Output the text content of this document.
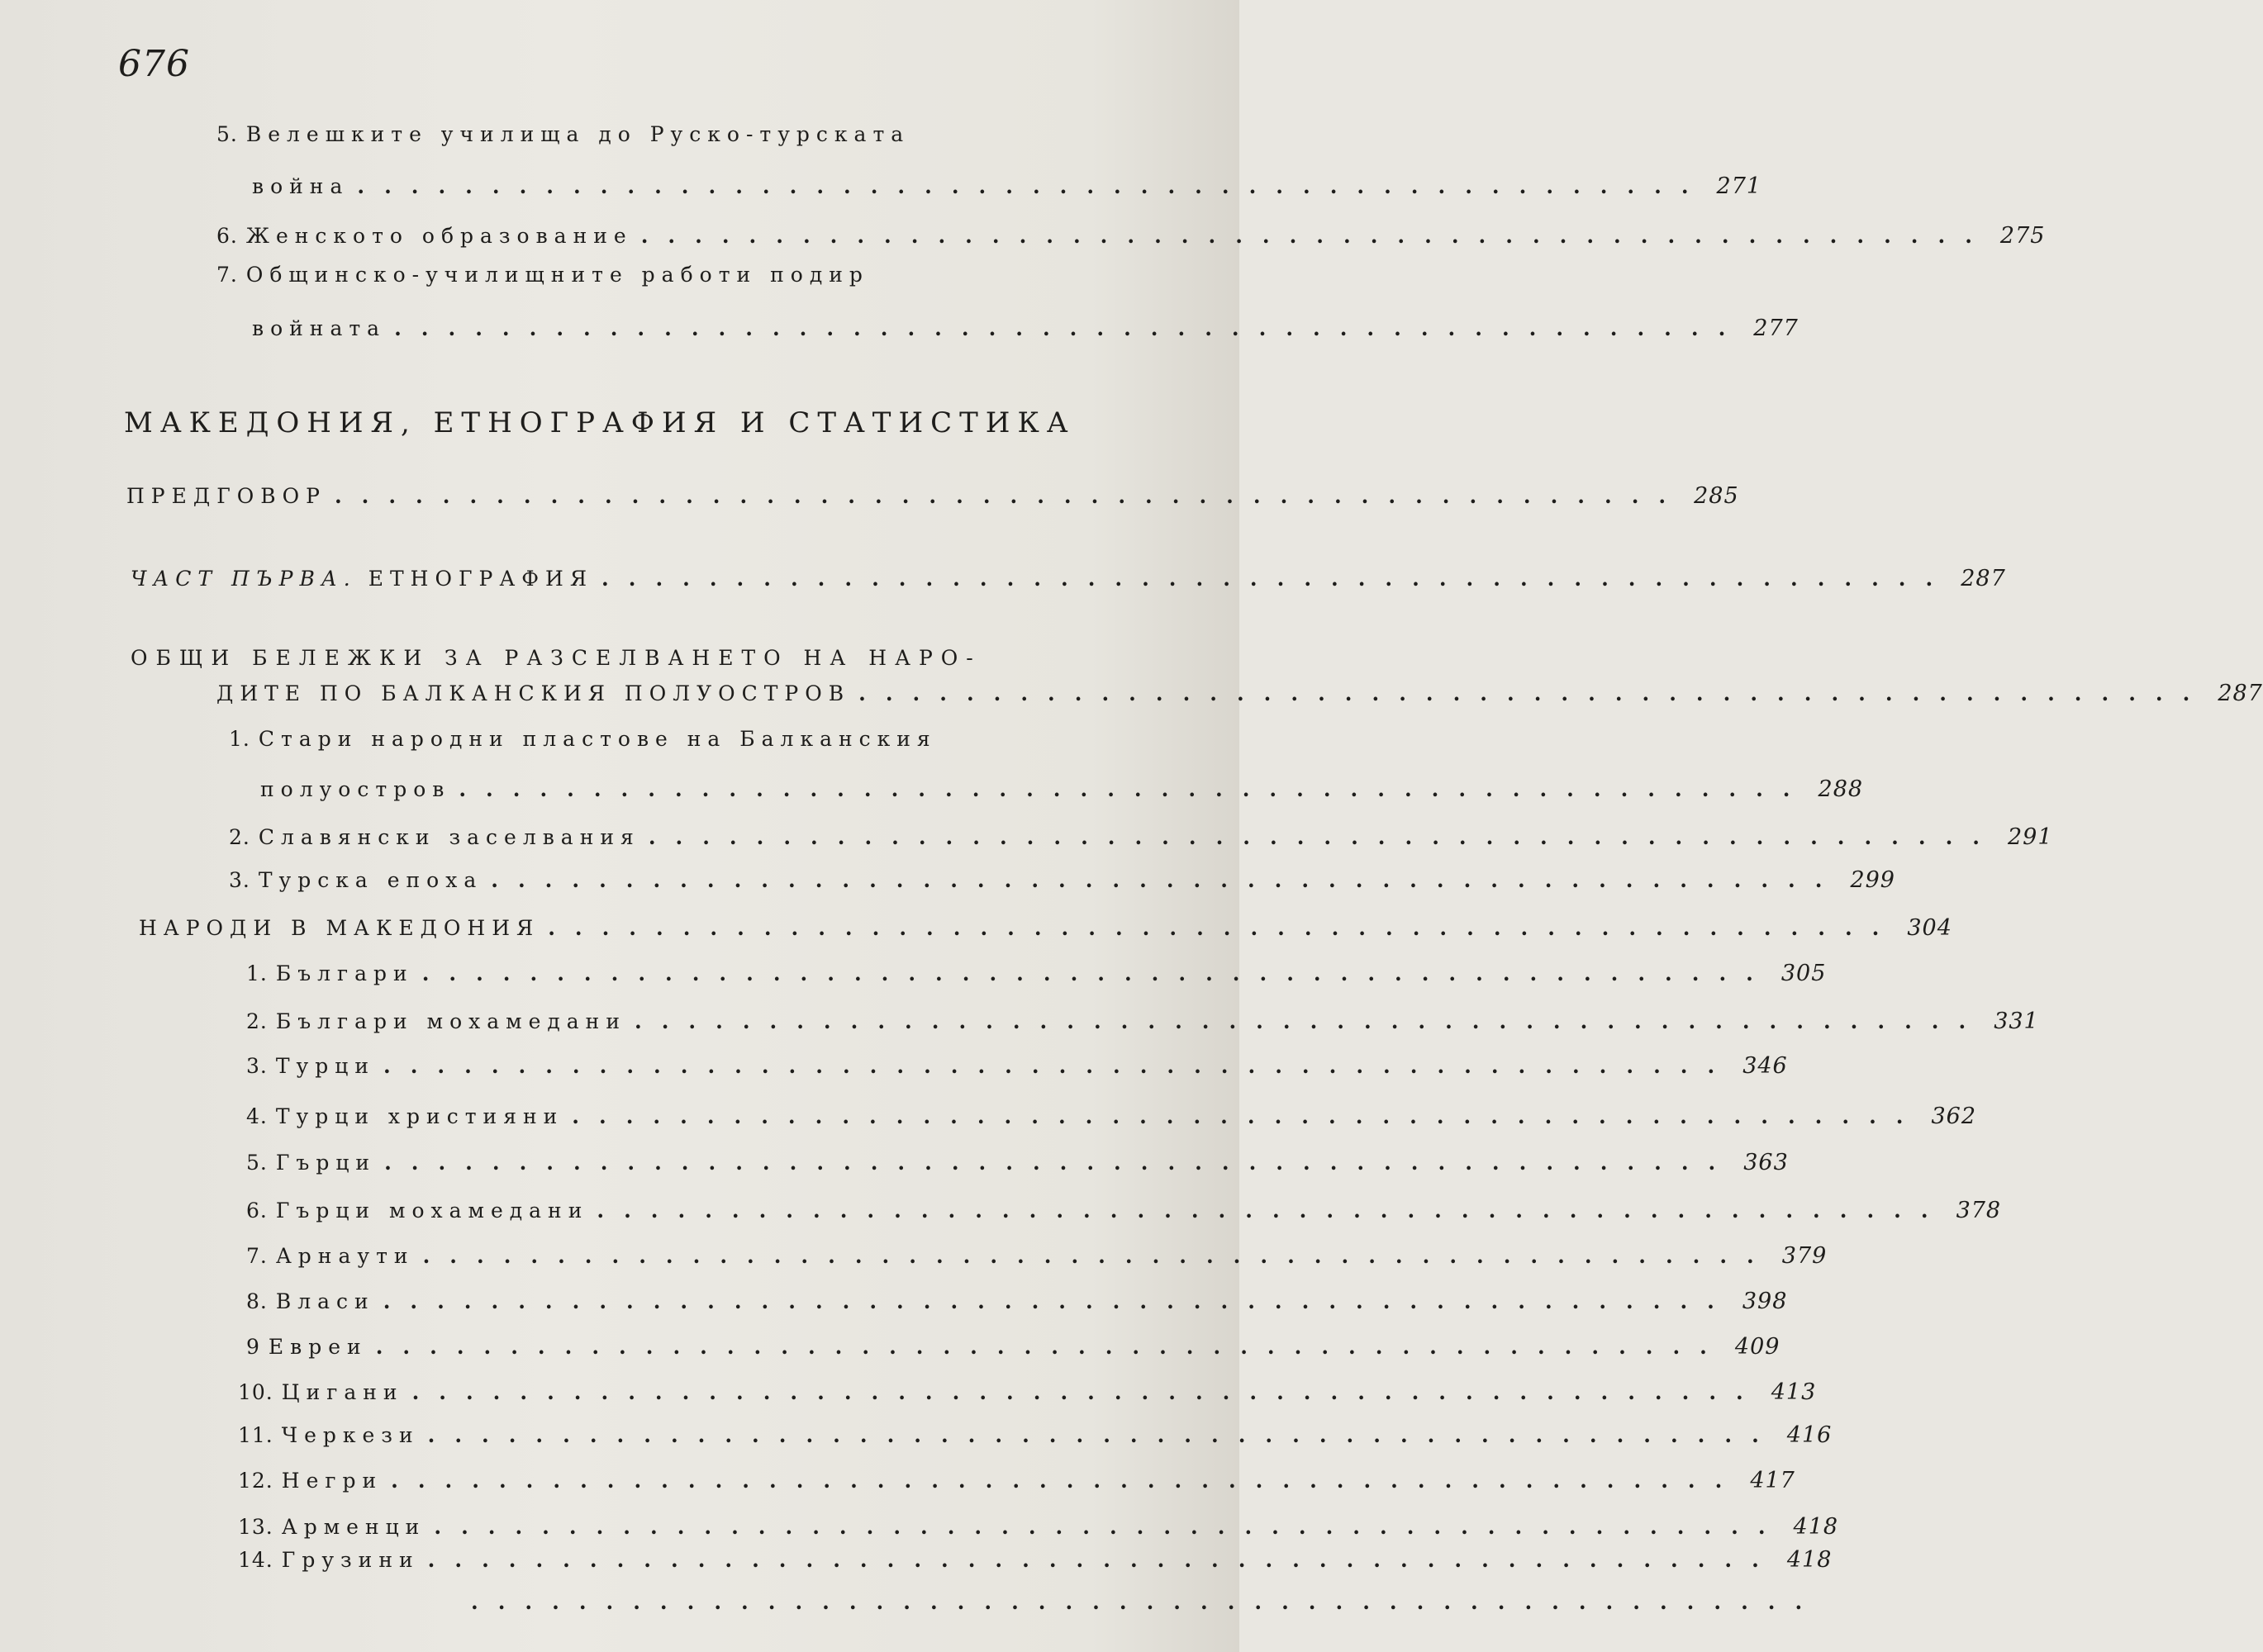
676
5. Велешките училища до Руско-турската
война .................................................. 271
6. Женското образование .................................................. 275
7. Общинско-училищните работи подир
войната .................................................. 277
МАКЕДОНИЯ, ЕТНОГРАФИЯ И СТАТИСТИКА
ПРЕДГОВОР .................................................. 285
ЧАСТ ПЪРВА. ЕТНОГРАФИЯ .................................................. 287
ОБЩИ БЕЛЕЖКИ ЗА РАЗСЕЛВАНЕТО НА НАРО-
ДИТЕ ПО БАЛКАНСКИЯ ПОЛУОСТРОВ .................................................. 287
1. Стари народни пластове на Балканския
полуостров .................................................. 288
2. Славянски заселвания .................................................. 291
3. Турска епоха .................................................. 299
НАРОДИ В МАКЕДОНИЯ .................................................. 304
1. Българи .................................................. 305
2. Българи мохамедани .................................................. 331
3. Турци .................................................. 346
4. Турци християни .................................................. 362
5. Гърци .................................................. 363
6. Гърци мохамедани .................................................. 378
7. Арнаути .................................................. 379
8. Власи .................................................. 398
9 Евреи .................................................. 409
10. Цигани .................................................. 413
11. Черкези .................................................. 416
12. Негри .................................................. 417
13. Арменци .................................................. 418
14. Грузини .................................................. 418
..................................................
